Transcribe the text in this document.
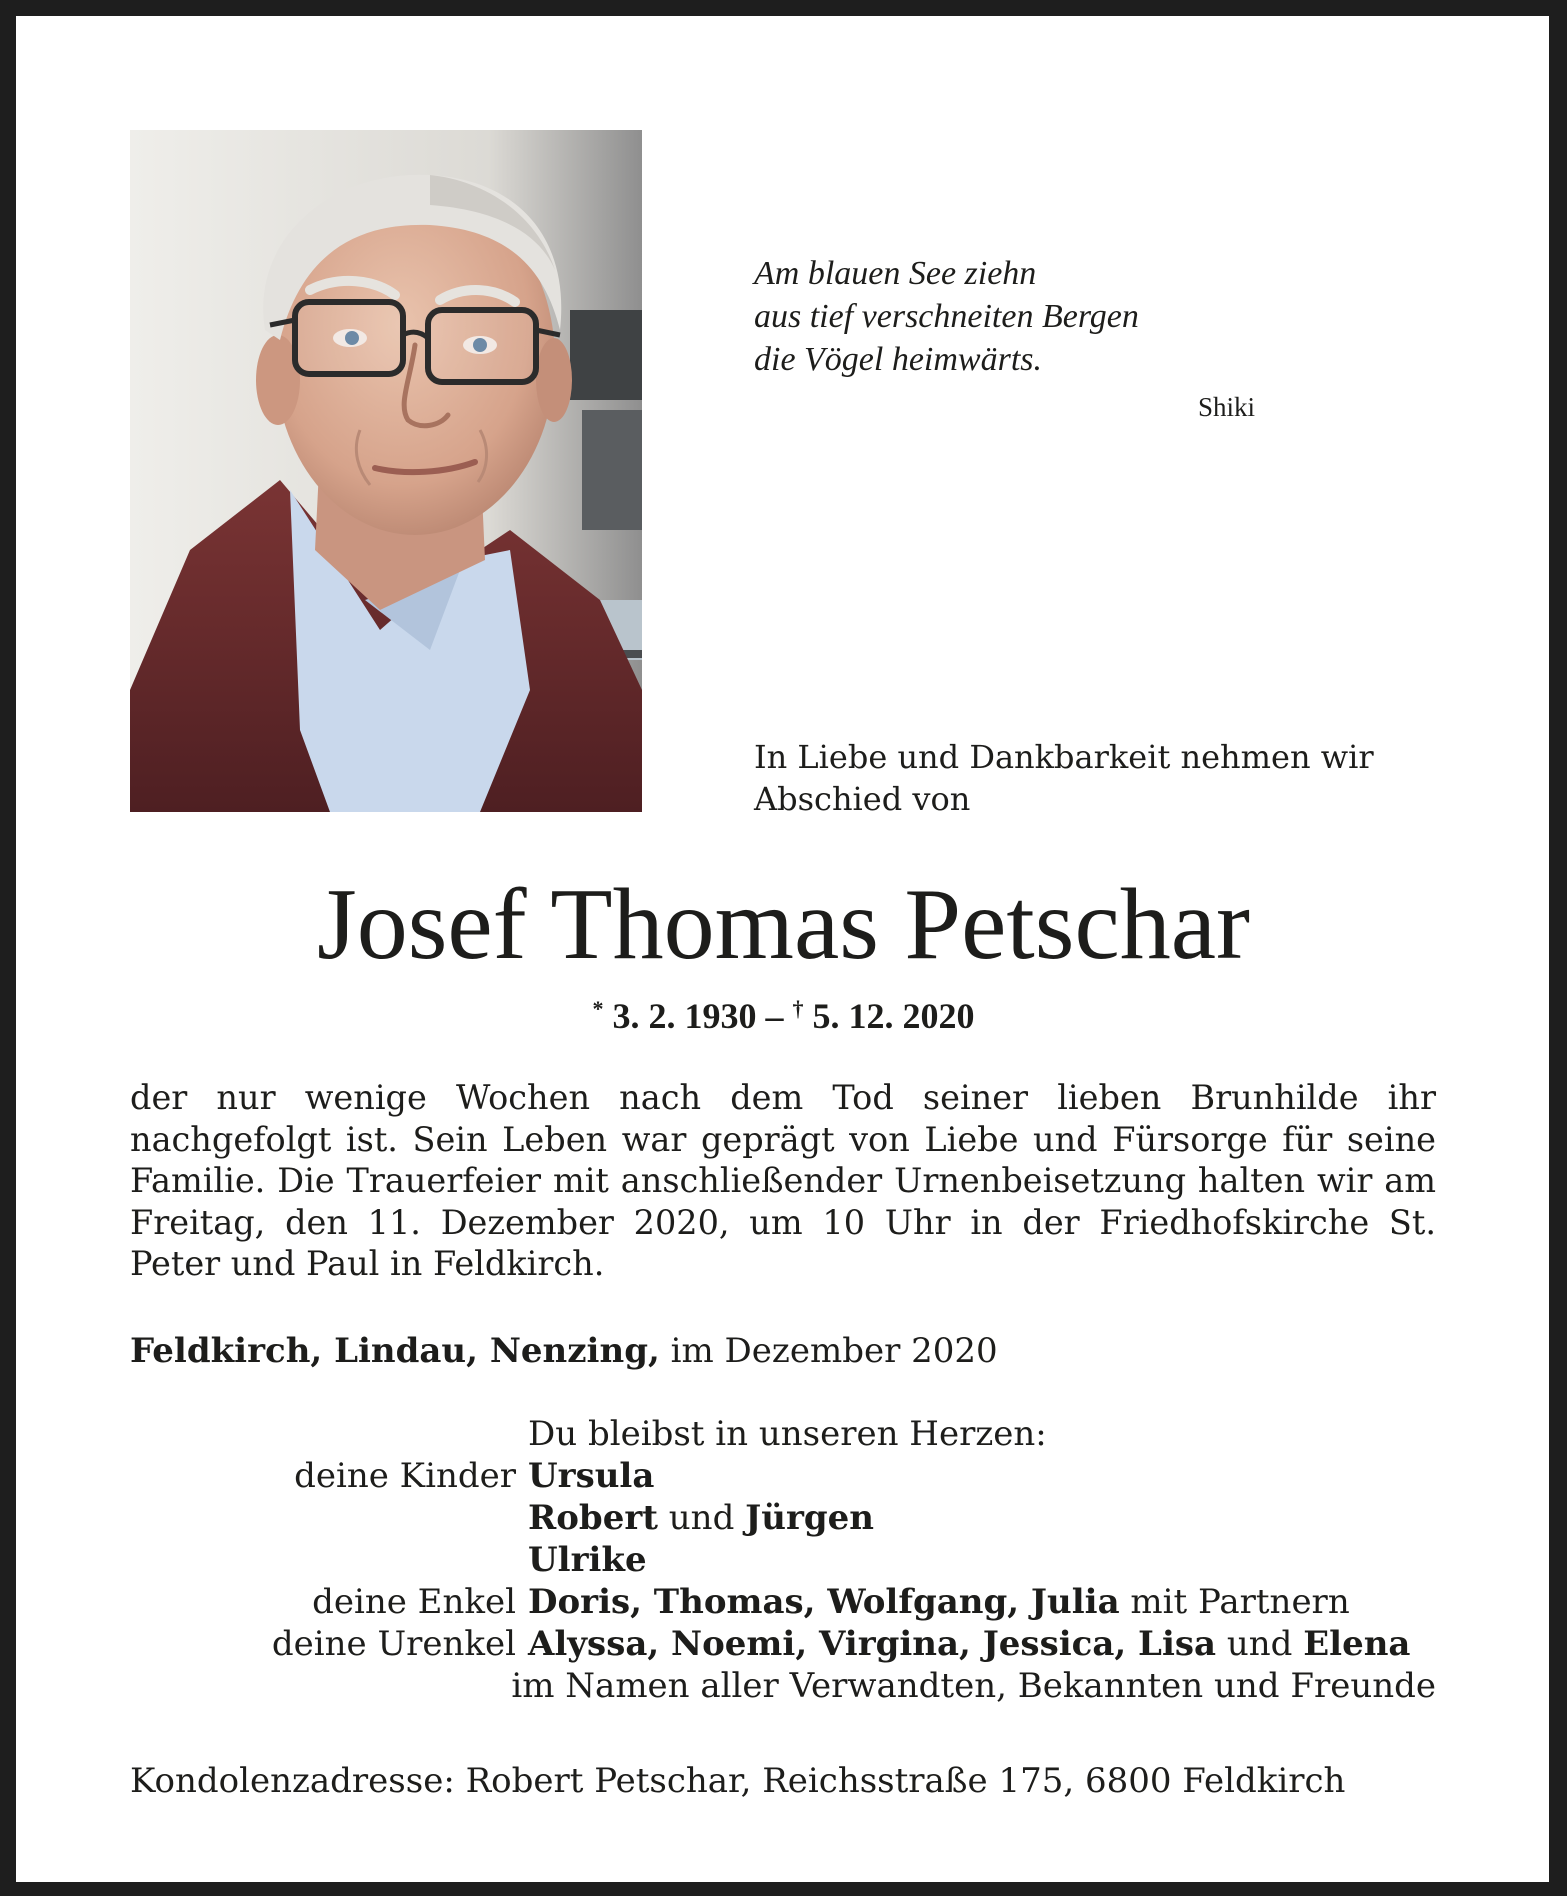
Am blauen See ziehn
aus tief verschneiten Bergen
die Vögel heimwärts.
Shiki
In Liebe und Dankbarkeit nehmen wir
Abschied von
Josef Thomas Petschar
* 3. 2. 1930 – † 5. 12. 2020
der nur wenige Wochen nach dem Tod seiner lieben Brunhilde ihr nachgefolgt ist. Sein Leben war geprägt von Liebe und Fürsorge für seine Familie. Die Trauerfeier mit anschließender Urnenbeisetzung halten wir am Freitag, den 11. Dezember 2020, um 10 Uhr in der Friedhofskirche St. Peter und Paul in Feldkirch.
Feldkirch, Lindau, Nenzing, im Dezember 2020
Du bleibst in unseren Herzen:
deine Kinder Ursula
Robert und Jürgen
Ulrike
deine Enkel Doris, Thomas, Wolfgang, Julia mit Partnern
deine Urenkel Alyssa, Noemi, Virgina, Jessica, Lisa und Elena
im Namen aller Verwandten, Bekannten und Freunde
Kondolenzadresse: Robert Petschar, Reichsstraße 175, 6800 Feldkirch
